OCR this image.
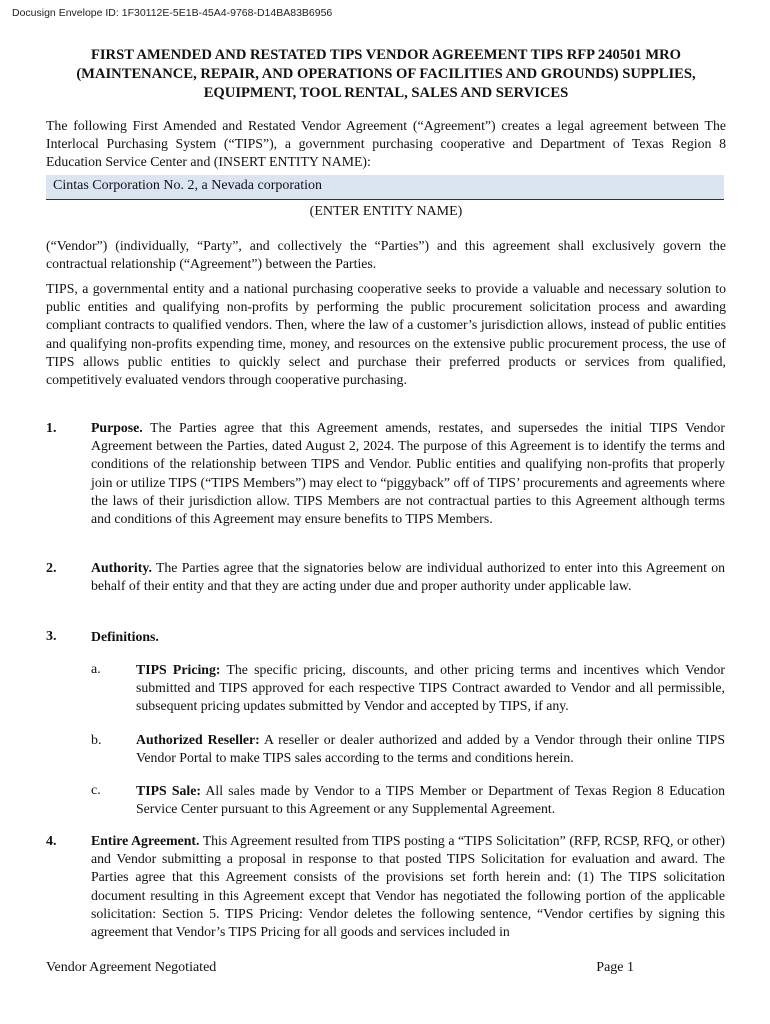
Docusign Envelope ID: 1F30112E-5E1B-45A4-9768-D14BA83B6956
FIRST AMENDED AND RESTATED TIPS VENDOR AGREEMENT TIPS RFP 240501 MRO
(MAINTENANCE, REPAIR, AND OPERATIONS OF FACILITIES AND GROUNDS) SUPPLIES,
EQUIPMENT, TOOL RENTAL, SALES AND SERVICES
The following First Amended and Restated Vendor Agreement (“Agreement”) creates a legal agreement between The Interlocal Purchasing System (“TIPS”), a government purchasing cooperative and Department of Texas Region 8 Education Service Center and (INSERT ENTITY NAME):
Cintas Corporation No. 2, a Nevada corporation
(ENTER ENTITY NAME)
(“Vendor”) (individually, “Party”, and collectively the “Parties”) and this agreement shall exclusively govern the contractual relationship (“Agreement”) between the Parties.
TIPS, a governmental entity and a national purchasing cooperative seeks to provide a valuable and necessary solution to public entities and qualifying non-profits by performing the public procurement solicitation process and awarding compliant contracts to qualified vendors. Then, where the law of a customer’s jurisdiction allows, instead of public entities and qualifying non-profits expending time, money, and resources on the extensive public procurement process, the use of TIPS allows public entities to quickly select and purchase their preferred products or services from qualified, competitively evaluated vendors through cooperative purchasing.
1.	Purpose. The Parties agree that this Agreement amends, restates, and supersedes the initial TIPS Vendor Agreement between the Parties, dated August 2, 2024. The purpose of this Agreement is to identify the terms and conditions of the relationship between TIPS and Vendor. Public entities and qualifying non-profits that properly join or utilize TIPS (“TIPS Members”) may elect to “piggyback” off of TIPS’ procurements and agreements where the laws of their jurisdiction allow. TIPS Members are not contractual parties to this Agreement although terms and conditions of this Agreement may ensure benefits to TIPS Members.
2.	Authority. The Parties agree that the signatories below are individual authorized to enter into this Agreement on behalf of their entity and that they are acting under due and proper authority under applicable law.
3.	Definitions.
a.	TIPS Pricing: The specific pricing, discounts, and other pricing terms and incentives which Vendor submitted and TIPS approved for each respective TIPS Contract awarded to Vendor and all permissible, subsequent pricing updates submitted by Vendor and accepted by TIPS, if any.
b.	Authorized Reseller: A reseller or dealer authorized and added by a Vendor through their online TIPS Vendor Portal to make TIPS sales according to the terms and conditions herein.
c.	TIPS Sale: All sales made by Vendor to a TIPS Member or Department of Texas Region 8 Education Service Center pursuant to this Agreement or any Supplemental Agreement.
4.	Entire Agreement. This Agreement resulted from TIPS posting a “TIPS Solicitation” (RFP, RCSP, RFQ, or other) and Vendor submitting a proposal in response to that posted TIPS Solicitation for evaluation and award. The Parties agree that this Agreement consists of the provisions set forth herein and: (1) The TIPS solicitation document resulting in this Agreement except that Vendor has negotiated the following portion of the applicable solicitation: Section 5. TIPS Pricing: Vendor deletes the following sentence, “Vendor certifies by signing this agreement that Vendor’s TIPS Pricing for all goods and services included in
Vendor Agreement Negotiated	Page 1
